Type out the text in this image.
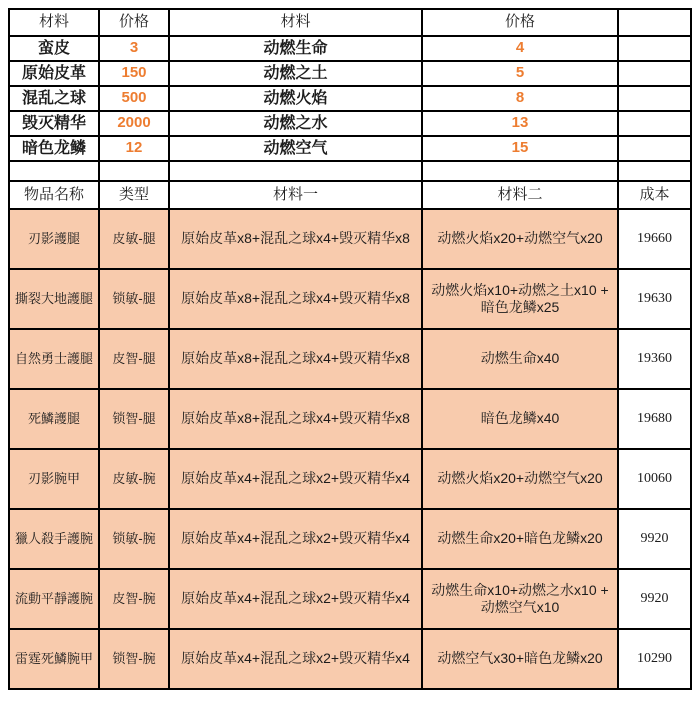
材料	价格	材料	价格	
蛮皮	3	动燃生命	4	
原始皮革	150	动燃之土	5	
混乱之球	500	动燃火焰	8	
毁灭精华	2000	动燃之水	13	
暗色龙鳞	12	动燃空气	15	

物品名称	类型	材料一	材料二	成本
刃影護腿	皮敏-腿	原始皮革x8+混乱之球x4+毁灭精华x8	动燃火焰x20+动燃空气x20	19660
撕裂大地護腿	锁敏-腿	原始皮革x8+混乱之球x4+毁灭精华x8	动燃火焰x10+动燃之土x10 + 暗色龙鳞x25	19630
自然勇士護腿	皮智-腿	原始皮革x8+混乱之球x4+毁灭精华x8	动燃生命x40	19360
死鱗護腿	锁智-腿	原始皮革x8+混乱之球x4+毁灭精华x8	暗色龙鳞x40	19680
刃影腕甲	皮敏-腕	原始皮革x4+混乱之球x2+毁灭精华x4	动燃火焰x20+动燃空气x20	10060
獵人殺手護腕	锁敏-腕	原始皮革x4+混乱之球x2+毁灭精华x4	动燃生命x20+暗色龙鳞x20	9920
流動平靜護腕	皮智-腕	原始皮革x4+混乱之球x2+毁灭精华x4	动燃生命x10+动燃之水x10 + 动燃空气x10	9920
雷霆死鱗腕甲	锁智-腕	原始皮革x4+混乱之球x2+毁灭精华x4	动燃空气x30+暗色龙鳞x20	10290
